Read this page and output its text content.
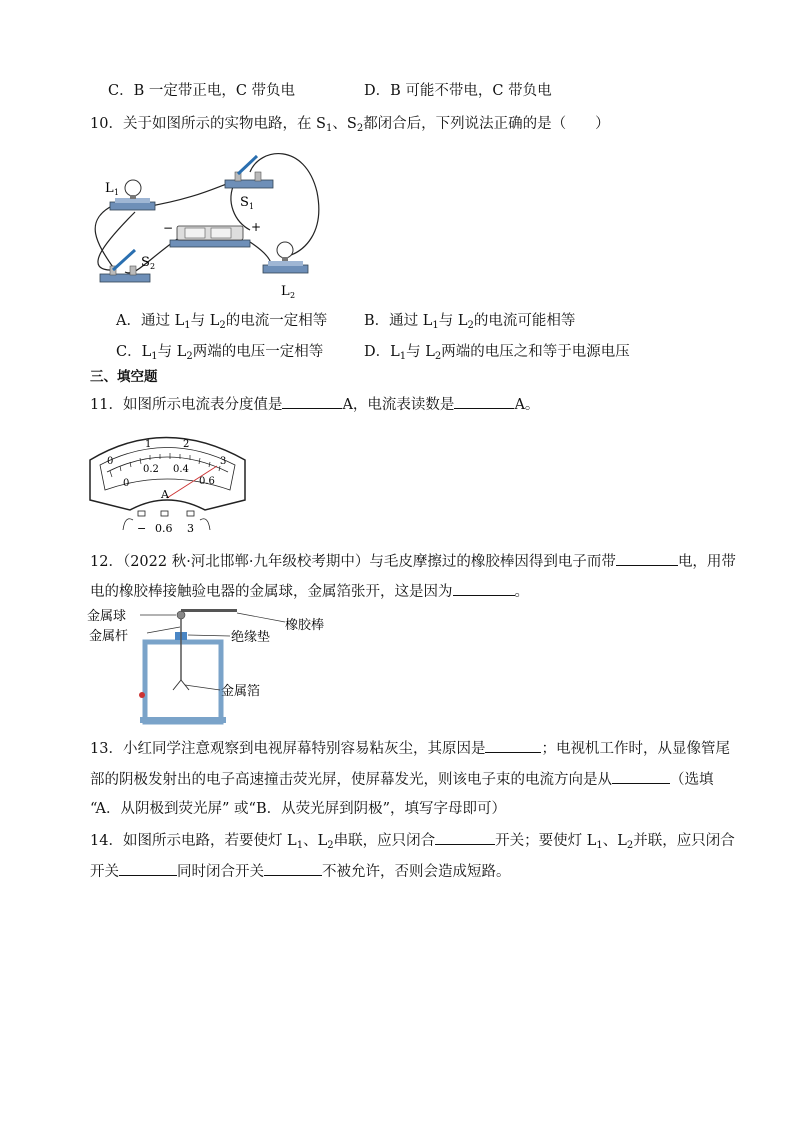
C．B 一定带正电，C 带负电	D．B 可能不带电，C 带负电
10．关于如图所示的实物电路，在 $S_1$、$S_2$都闭合后，下列说法正确的是（　　）
L 1
S 1
−	+
S 2
L 2
A．通过 $L_1$与 $L_2$的电流一定相等	B．通过 $L_1$与 $L_2$的电流可能相等
C．$L_1$与 $L_2$两端的电压一定相等	D．$L_1$与 $L_2$两端的电压之和等于电源电压
三、填空题
11．如图所示电流表分度值是	A，电流表读数是	A。
0
1	2
3
0
0.2 0.4
0.6
A
− 0.6 3
12．（2022 秋·河北邯郸·九年级校考期中）与毛皮摩擦过的橡胶棒因得到电子而带	电，用带
电的橡胶棒接触验电器的金属球，金属箔张开，这是因为	。
金属球
金属杆
橡胶棒
绝缘垫
金属箔
13．小红同学注意观察到电视屏幕特别容易粘灰尘，其原因是	；电视机工作时，从显像管尾
部的阴极发射出的电子高速撞击荧光屏，使屏幕发光，则该电子束的电流方向是从	（选填
“A．从阴极到荧光屏” 或“B．从荧光屏到阴极”，填写字母即可）
14．如图所示电路，若要使灯 $L_1$、$L_2$串联，应只闭合	开关；要使灯 $L_1$、$L_2$并联，应只闭合
开关	同时闭合开关	不被允许，否则会造成短路。
